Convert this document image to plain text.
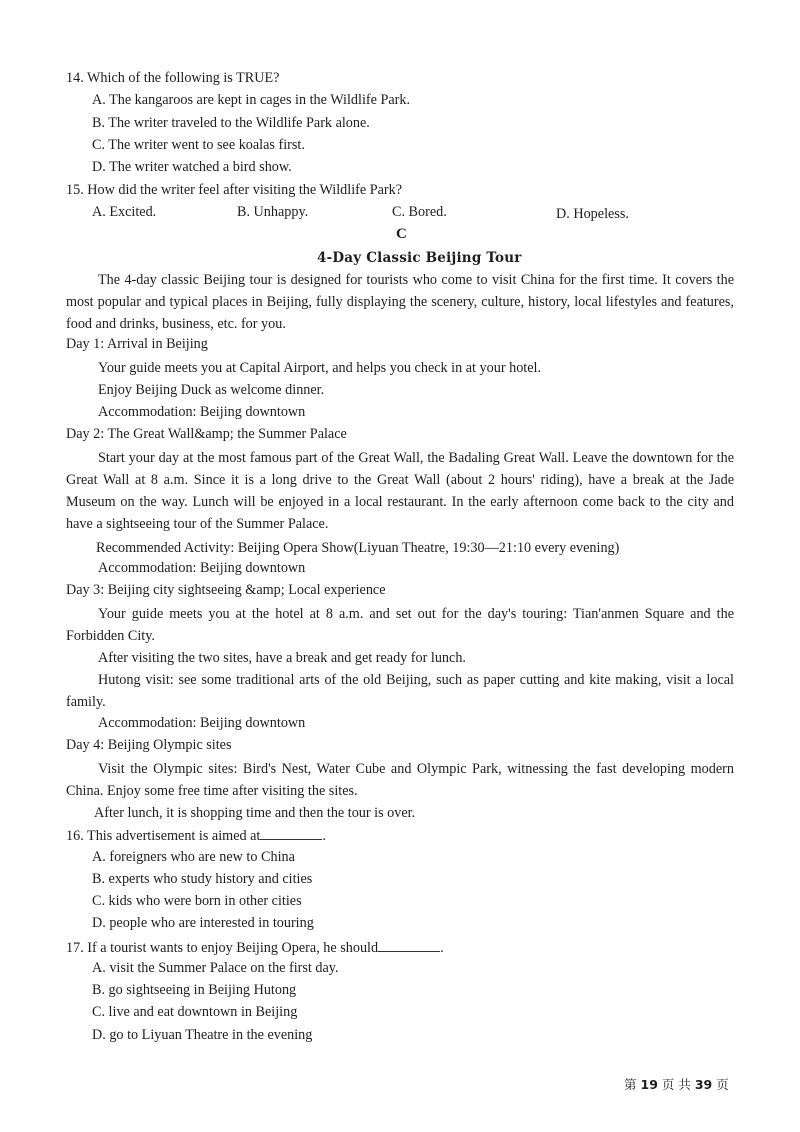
14. Which of the following is TRUE?
A. The kangaroos are kept in cages in the Wildlife Park.
B. The writer traveled to the Wildlife Park alone.
C. The writer went to see koalas first.
D. The writer watched a bird show.
15. How did the writer feel after visiting the Wildlife Park?
A. Excited.	B. Unhappy.	C. Bored.	D. Hopeless.
C
4-Day Classic Beijing Tour
The 4-day classic Beijing tour is designed for tourists who come to visit China for the first time. It covers the most popular and typical places in Beijing, fully displaying the scenery, culture, history, local lifestyles and features, food and drinks, business, etc. for you.
Day 1: Arrival in Beijing
Your guide meets you at Capital Airport, and helps you check in at your hotel.
Enjoy Beijing Duck as welcome dinner.
Accommodation: Beijing downtown
Day 2: The Great Wall&amp; the Summer Palace
Start your day at the most famous part of the Great Wall, the Badaling Great Wall. Leave the downtown for the Great Wall at 8 a.m. Since it is a long drive to the Great Wall (about 2 hours' riding), have a break at the Jade Museum on the way. Lunch will be enjoyed in a local restaurant. In the early afternoon come back to the city and have a sightseeing tour of the Summer Palace.
Recommended Activity: Beijing Opera Show(Liyuan Theatre, 19:30—21:10 every evening)
Accommodation: Beijing downtown
Day 3: Beijing city sightseeing &amp; Local experience
Your guide meets you at the hotel at 8 a.m. and set out for the day's touring: Tian'anmen Square and the Forbidden City.
After visiting the two sites, have a break and get ready for lunch.
Hutong visit: see some traditional arts of the old Beijing, such as paper cutting and kite making, visit a local family.
Accommodation: Beijing downtown
Day 4: Beijing Olympic sites
Visit the Olympic sites: Bird's Nest, Water Cube and Olympic Park, witnessing the fast developing modern China. Enjoy some free time after visiting the sites.
After lunch, it is shopping time and then the tour is over.
16. This advertisement is aimed at	.
A. foreigners who are new to China
B. experts who study history and cities
C. kids who were born in other cities
D. people who are interested in touring
17. If a tourist wants to enjoy Beijing Opera, he should	.
A. visit the Summer Palace on the first day.
B. go sightseeing in Beijing Hutong
C. live and eat downtown in Beijing
D. go to Liyuan Theatre in the evening
第 19 页 共 39 页
